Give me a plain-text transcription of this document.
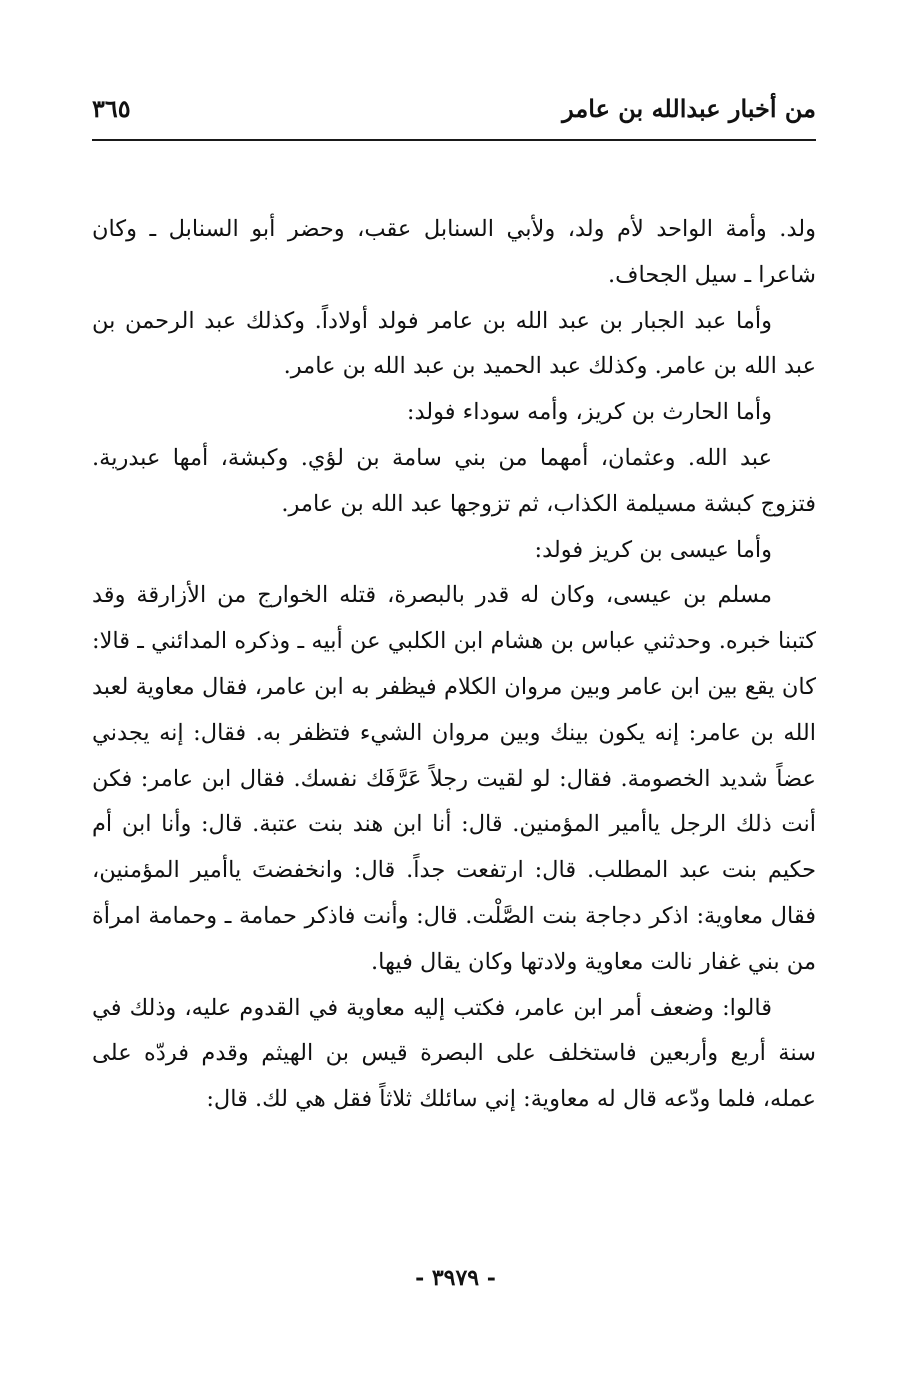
من أخبار عبدالله بن عامر
٣٦٥

ولد. وأمة الواحد لأم ولد، ولأبي السنابل عقب، وحضر أبو السنابل ـ وكان شاعرا ـ سيل الجحاف.

وأما عبد الجبار بن عبد الله بن عامر فولد أولاداً. وكذلك عبد الرحمن بن عبد الله بن عامر. وكذلك عبد الحميد بن عبد الله بن عامر.

وأما الحارث بن كريز، وأمه سوداء فولد:

عبد الله. وعثمان، أمهما من بني سامة بن لؤي. وكبشة، أمها عبدرية. فتزوج كبشة مسيلمة الكذاب، ثم تزوجها عبد الله بن عامر.

وأما عيسى بن كريز فولد:

مسلم بن عيسى، وكان له قدر بالبصرة، قتله الخوارج من الأزارقة وقد كتبنا خبره. وحدثني عباس بن هشام ابن الكلبي عن أبيه ـ وذكره المدائني ـ قالا: كان يقع بين ابن عامر وبين مروان الكلام فيظفر به ابن عامر، فقال معاوية لعبد الله بن عامر: إنه يكون بينك وبين مروان الشيء فتظفر به. فقال: إنه يجدني عضاً شديد الخصومة. فقال: لو لقيت رجلاً عَرَّفَك نفسك. فقال ابن عامر: فكن أنت ذلك الرجل ياأمير المؤمنين. قال: أنا ابن هند بنت عتبة. قال: وأنا ابن أم حكيم بنت عبد المطلب. قال: ارتفعت جداً. قال: وانخفضتَ ياأمير المؤمنين، فقال معاوية: اذكر دجاجة بنت الصَّلْت. قال: وأنت فاذكر حمامة ـ وحمامة امرأة من بني غفار نالت معاوية ولادتها وكان يقال فيها.

قالوا: وضعف أمر ابن عامر، فكتب إليه معاوية في القدوم عليه، وذلك في سنة أربع وأربعين فاستخلف على البصرة قيس بن الهيثم وقدم فردّه على عمله، فلما ودّعه قال له معاوية: إني سائلك ثلاثاً فقل هي لك. قال:

- ٣٩٧٩ -
